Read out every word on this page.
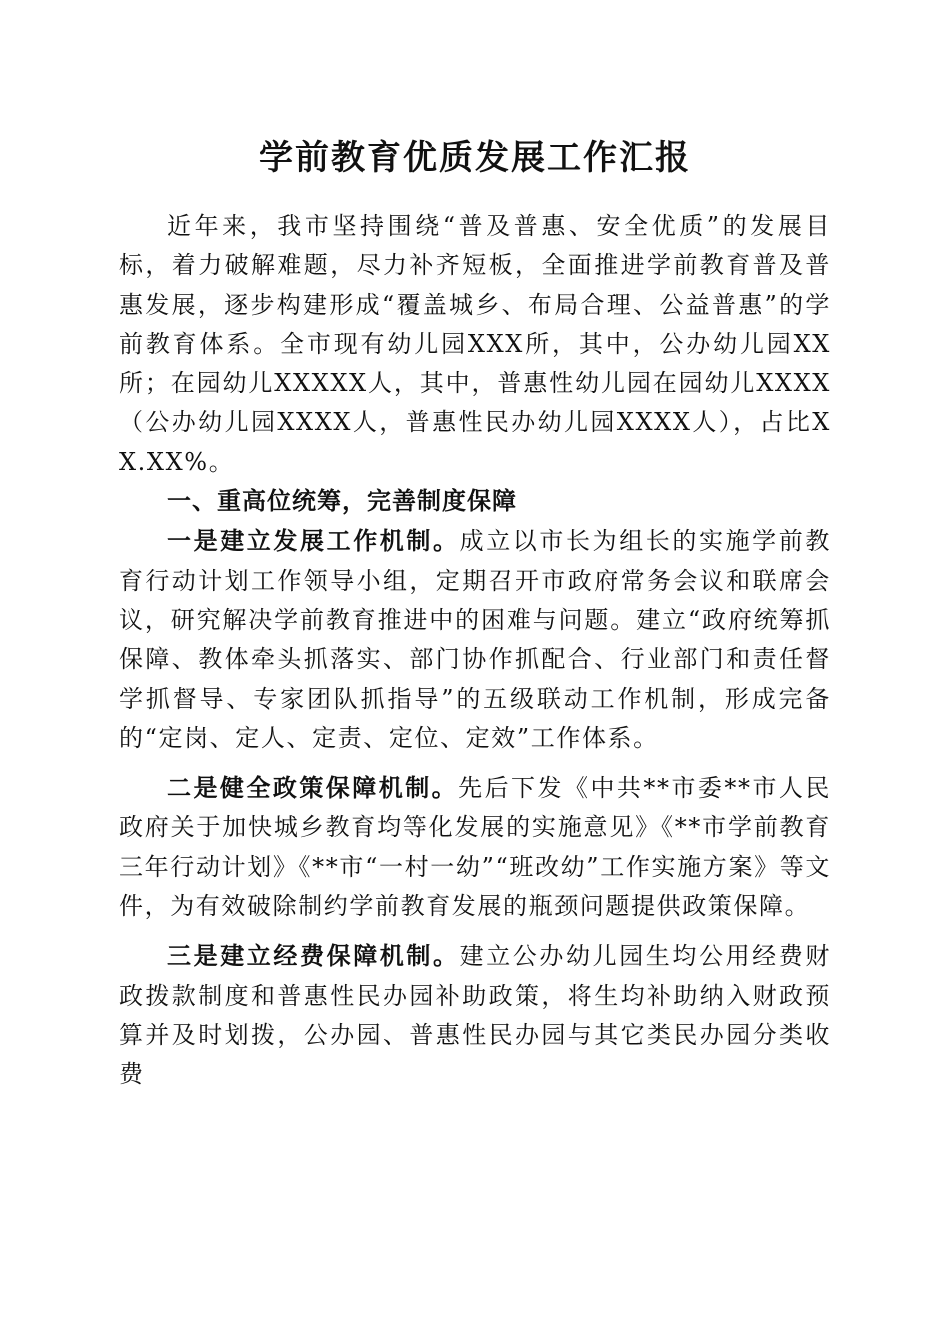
学前教育优质发展工作汇报

近年来，我市坚持围绕“普及普惠、安全优质”的发展目标，着力破解难题，尽力补齐短板，全面推进学前教育普及普惠发展，逐步构建形成“覆盖城乡、布局合理、公益普惠”的学前教育体系。全市现有幼儿园XXX所，其中，公办幼儿园XX所；在园幼儿XXXXX人，其中，普惠性幼儿园在园幼儿XXXX（公办幼儿园XXXX人，普惠性民办幼儿园XXXX人），占比XX.XX%。

一、重高位统筹，完善制度保障

一是建立发展工作机制。成立以市长为组长的实施学前教育行动计划工作领导小组，定期召开市政府常务会议和联席会议，研究解决学前教育推进中的困难与问题。建立“政府统筹抓保障、教体牵头抓落实、部门协作抓配合、行业部门和责任督学抓督导、专家团队抓指导”的五级联动工作机制，形成完备的“定岗、定人、定责、定位、定效”工作体系。

二是健全政策保障机制。先后下发《中共**市委**市人民政府关于加快城乡教育均等化发展的实施意见》《**市学前教育三年行动计划》《**市“一村一幼”“班改幼”工作实施方案》等文件，为有效破除制约学前教育发展的瓶颈问题提供政策保障。

三是建立经费保障机制。建立公办幼儿园生均公用经费财政拨款制度和普惠性民办园补助政策，将生均补助纳入财政预算并及时划拨，公办园、普惠性民办园与其它类民办园分类收费
